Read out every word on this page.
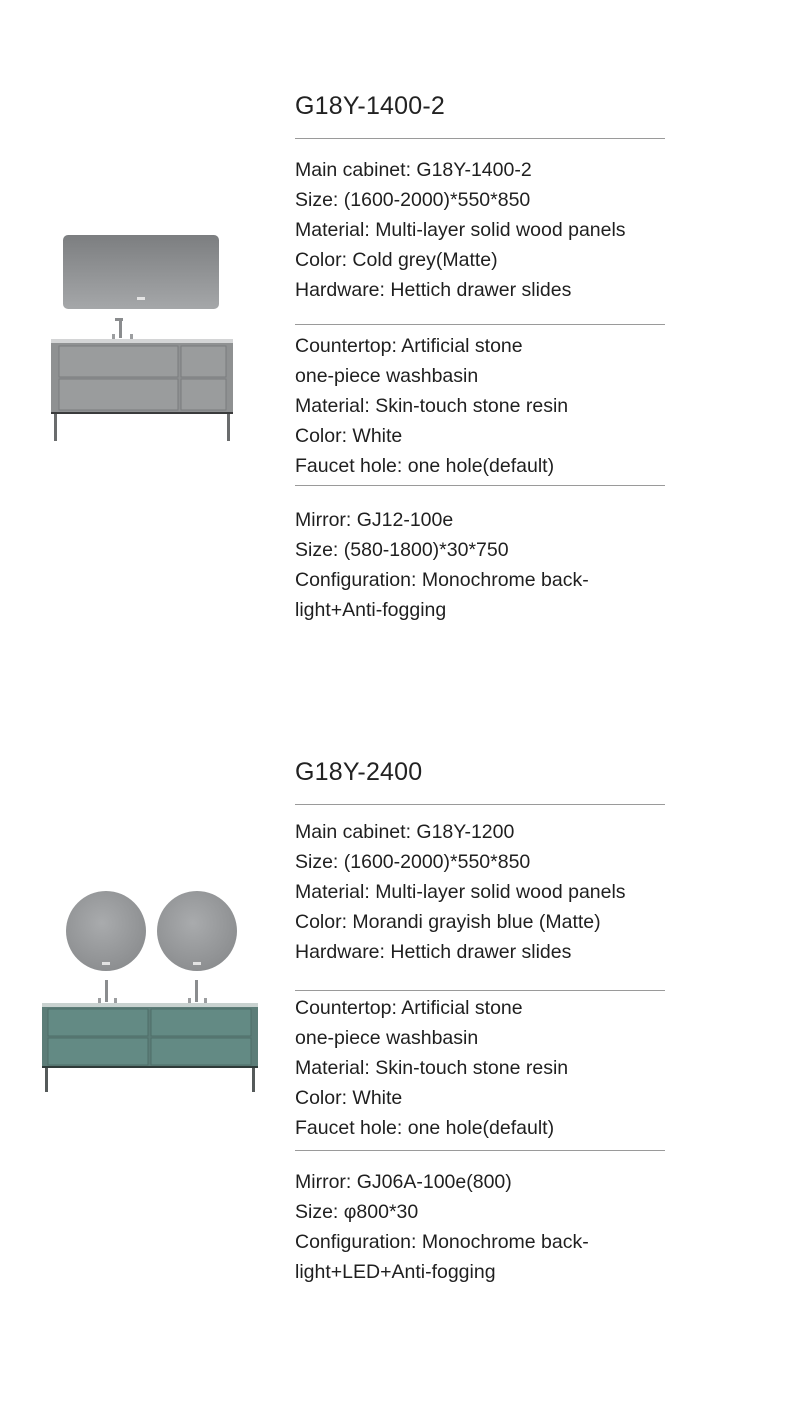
G18Y-1400-2
Main cabinet: G18Y-1400-2
Size: (1600-2000)*550*850
Material: Multi-layer solid wood panels
Color: Cold grey(Matte)
Hardware: Hettich drawer slides
Countertop: Artificial stone
one-piece washbasin
Material: Skin-touch stone resin
Color: White
Faucet hole: one hole(default)
Mirror: GJ12-100e
Size: (580-1800)*30*750
Configuration: Monochrome back-
light+Anti-fogging
G18Y-2400
Main cabinet: G18Y-1200
Size: (1600-2000)*550*850
Material: Multi-layer solid wood panels
Color: Morandi grayish blue (Matte)
Hardware: Hettich drawer slides
Countertop: Artificial stone
one-piece washbasin
Material: Skin-touch stone resin
Color: White
Faucet hole: one hole(default)
Mirror: GJ06A-100e(800)
Size: φ800*30
Configuration: Monochrome back-
light+LED+Anti-fogging
